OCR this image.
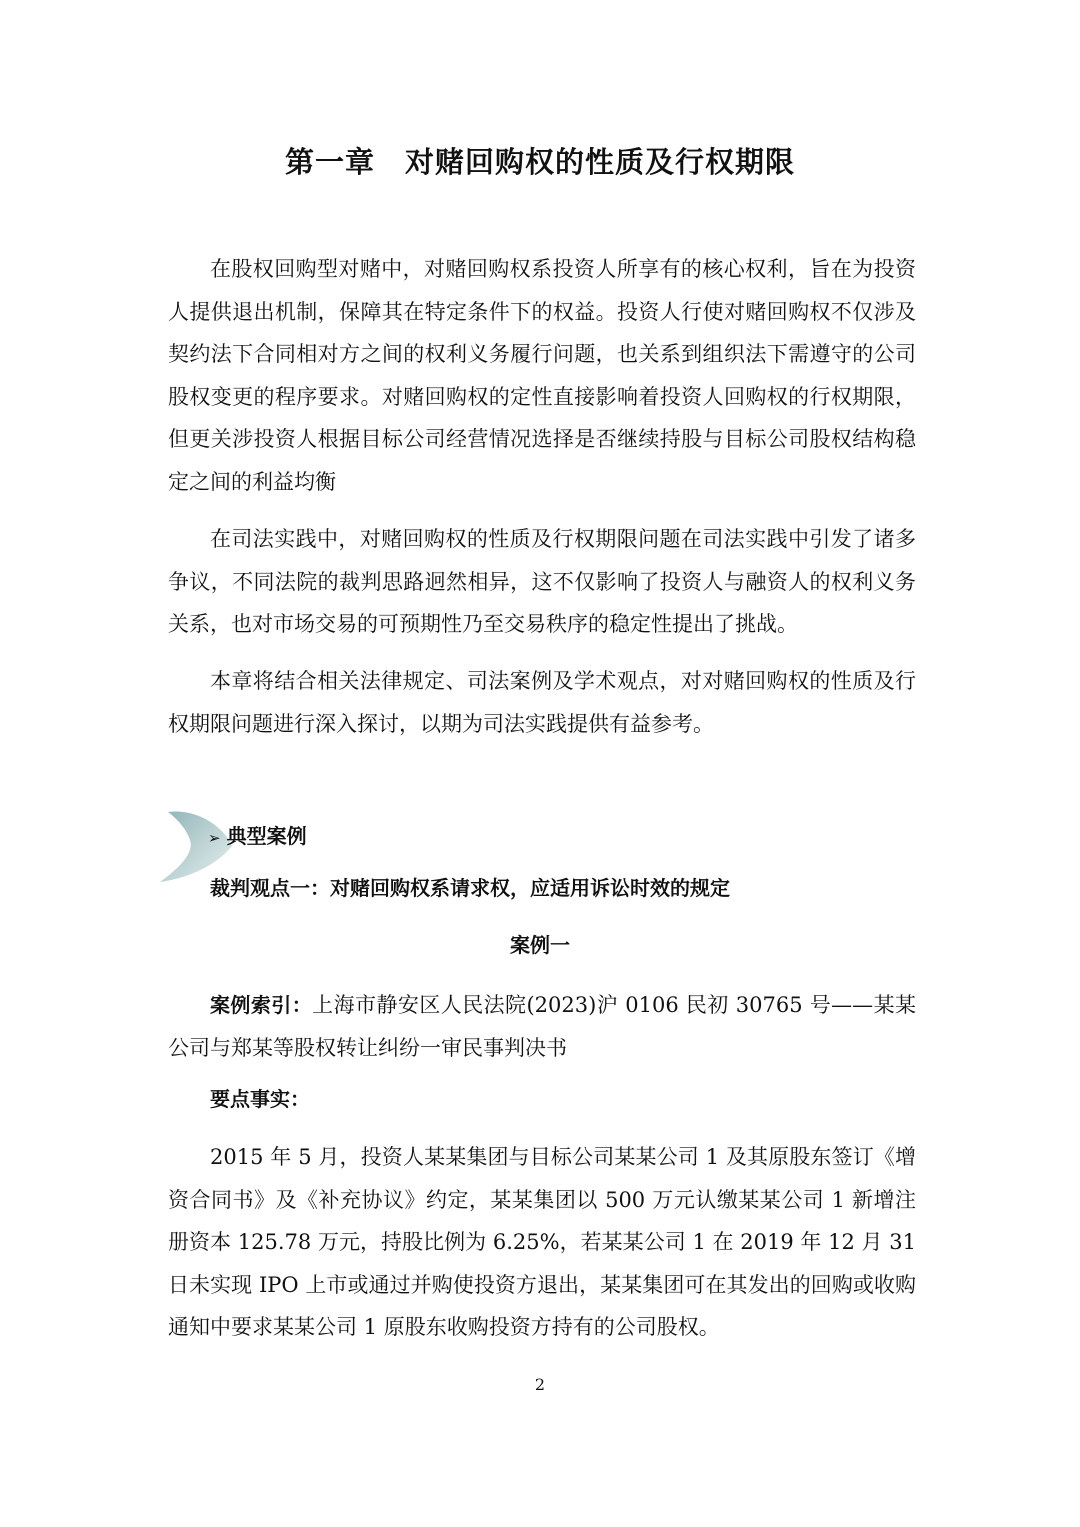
第一章　对赌回购权的性质及行权期限

在股权回购型对赌中，对赌回购权系投资人所享有的核心权利，旨在为投资人提供退出机制，保障其在特定条件下的权益。投资人行使对赌回购权不仅涉及契约法下合同相对方之间的权利义务履行问题，也关系到组织法下需遵守的公司股权变更的程序要求。对赌回购权的定性直接影响着投资人回购权的行权期限，但更关涉投资人根据目标公司经营情况选择是否继续持股与目标公司股权结构稳定之间的利益均衡

在司法实践中，对赌回购权的性质及行权期限问题在司法实践中引发了诸多争议，不同法院的裁判思路迥然相异，这不仅影响了投资人与融资人的权利义务关系，也对市场交易的可预期性乃至交易秩序的稳定性提出了挑战。

本章将结合相关法律规定、司法案例及学术观点，对对赌回购权的性质及行权期限问题进行深入探讨，以期为司法实践提供有益参考。

➢ 典型案例

裁判观点一：对赌回购权系请求权，应适用诉讼时效的规定

案例一

案例索引：上海市静安区人民法院(2023)沪 0106 民初 30765 号——某某公司与郑某等股权转让纠纷一审民事判决书

要点事实：

2015 年 5 月，投资人某某集团与目标公司某某公司 1 及其原股东签订《增资合同书》及《补充协议》约定，某某集团以 500 万元认缴某某公司 1 新增注册资本 125.78 万元，持股比例为 6.25%，若某某公司 1 在 2019 年 12 月 31 日未实现 IPO 上市或通过并购使投资方退出，某某集团可在其发出的回购或收购通知中要求某某公司 1 原股东收购投资方持有的公司股权。

2
